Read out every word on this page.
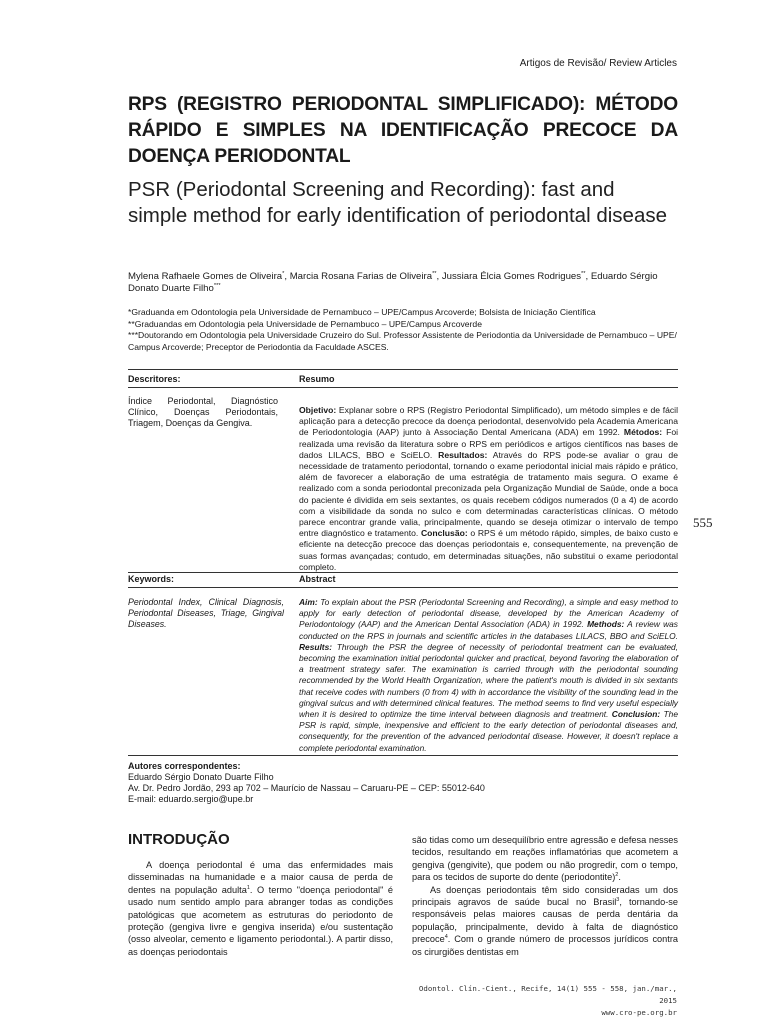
Artigos de Revisão/ Review Articles
RPS (REGISTRO PERIODONTAL SIMPLIFICADO): MÉTODO RÁPIDO E SIMPLES NA IDENTIFICAÇÃO PRECOCE DA DOENÇA PERIODONTAL
PSR (Periodontal Screening and Recording): fast and simple method for early identification of periodontal disease
Mylena Rafhaele Gomes de Oliveira*, Marcia Rosana Farias de Oliveira**, Jussiara Élcia Gomes Rodrigues**, Eduardo Sérgio Donato Duarte Filho***

*Graduanda em Odontologia pela Universidade de Pernambuco – UPE/Campus Arcoverde; Bolsista de Iniciação Científica

**Graduandas em Odontologia pela Universidade de Pernambuco – UPE/Campus Arcoverde

***Doutorando em Odontologia pela Universidade Cruzeiro do Sul. Professor Assistente de Periodontia da Universidade de Pernambuco – UPE/ Campus Arcoverde; Preceptor de Periodontia da Faculdade ASCES.

Descritores:	Resumo
Índice Periodontal, Diagnóstico Clínico, Doenças Periodontais, Triagem, Doenças da Gengiva.
Objetivo: Explanar sobre o RPS (Registro Periodontal Simplificado), um método simples e de fácil aplicação para a detecção precoce da doença periodontal, desenvolvido pela Academia Americana de Periodontologia (AAP) junto à Associação Dental Americana (ADA) em 1992. Métodos: Foi realizada uma revisão da literatura sobre o RPS em periódicos e artigos científicos nas bases de dados LILACS, BBO e SciELO. Resultados: Através do RPS pode-se avaliar o grau de necessidade de tratamento periodontal, tornando o exame periodontal inicial mais rápido e prático, além de favorecer a elaboração de uma estratégia de tratamento mais segura. O exame é realizado com a sonda periodontal preconizada pela Organização Mundial de Saúde, onde a boca do paciente é dividida em seis sextantes, os quais recebem códigos numerados (0 a 4) de acordo com a visibilidade da sonda no sulco e com determinadas características clínicas. O método parece encontrar grande valia, principalmente, quando se deseja otimizar o intervalo de tempo entre diagnóstico e tratamento. Conclusão: o RPS é um método rápido, simples, de baixo custo e eficiente na detecção precoce das doenças periodontais e, consequentemente, na prevenção de suas formas avançadas; contudo, em determinadas situações, não substitui o exame periodontal completo.
555
Keywords:	Abstract
Periodontal Index, Clinical Diagnosis, Periodontal Diseases, Triage, Gingival Diseases.
Aim: To explain about the PSR (Periodontal Screening and Recording), a simple and easy method to apply for early detection of periodontal disease, developed by the American Academy of Periodontology (AAP) and the American Dental Association (ADA) in 1992. Methods: A review was conducted on the RPS in journals and scientific articles in the databases LILACS, BBO and SciELO. Results: Through the PSR the degree of necessity of periodontal treatment can be evaluated, becoming the examination initial periodontal quicker and practical, beyond favoring the elaboration of a treatment strategy safer. The examination is carried through with the periodontal sounding recommended by the World Health Organization, where the patient's mouth is divided in six sextants that receive codes with numbers (0 from 4) with in accordance the visibility of the sounding lead in the gingival sulcus and with determined clinical features. The method seems to find very useful especially when it is desired to optimize the time interval between diagnosis and treatment. Conclusion: The PSR is rapid, simple, inexpensive and efficient to the early detection of periodontal diseases and, consequently, for the prevention of the advanced periodontal disease. However, it doesn't replace a complete periodontal examination.
Autores correspondentes:
Eduardo Sérgio Donato Duarte Filho
Av. Dr. Pedro Jordão, 293 ap 702 – Maurício de Nassau – Caruaru-PE – CEP: 55012-640
E-mail: eduardo.sergio@upe.br
INTRODUÇÃO

A doença periodontal é uma das enfermidades mais disseminadas na humanidade e a maior causa de perda de dentes na população adulta$^1$. O termo "doença periodontal" é usado num sentido amplo para abranger todas as condições patológicas que acometem as estruturas do periodonto de proteção (gengiva livre e gengiva inserida) e/ou sustentação (osso alveolar, cemento e ligamento periodontal.). A partir disso, as doenças periodontais

são tidas como um desequilíbrio entre agressão e defesa nesses tecidos, resultando em reações inflamatórias que acometem a gengiva (gengivite), que podem ou não progredir, com o tempo, para os tecidos de suporte do dente (periodontite)$^2$.

As doenças periodontais têm sido consideradas um dos principais agravos de saúde bucal no Brasil$^3$, tornando-se responsáveis pelas maiores causas de perda dentária da população, principalmente, devido à falta de diagnóstico precoce$^4$. Com o grande número de processos jurídicos contra os cirurgiões dentistas em

Odontol. Clín.-Cient., Recife, 14(1) 555 - 558, jan./mar., 2015
www.cro-pe.org.br
